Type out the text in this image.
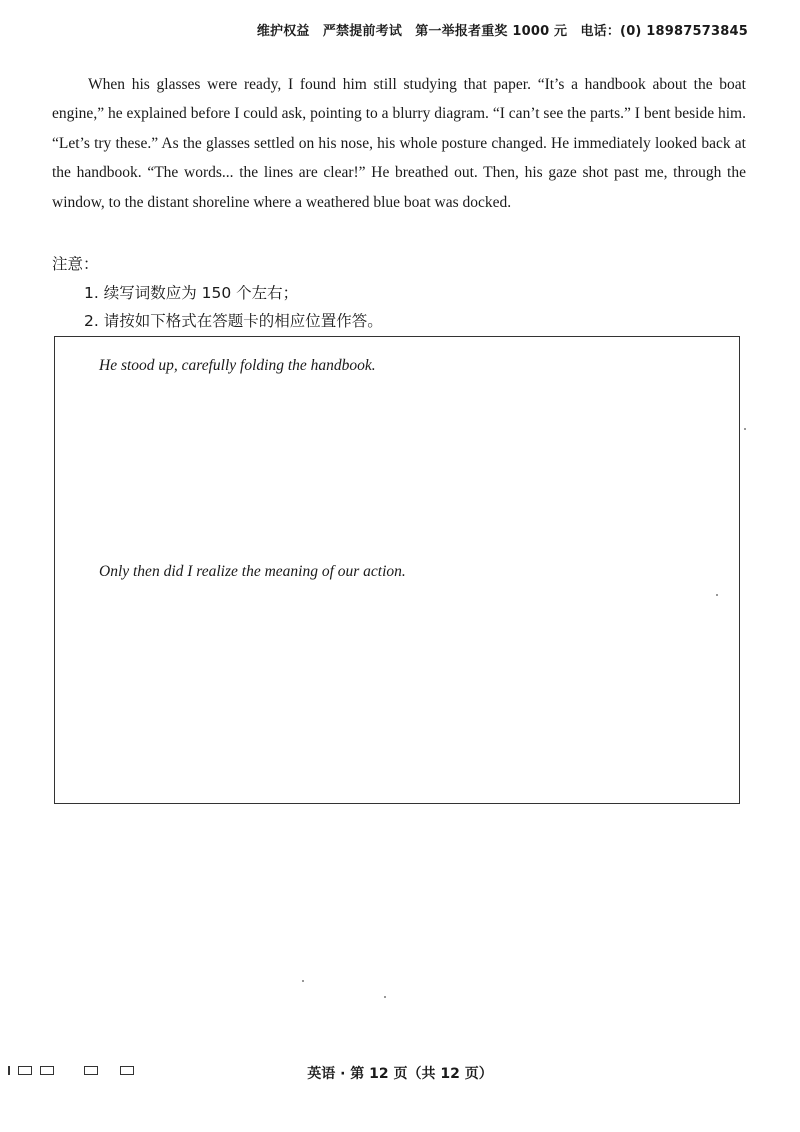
维护权益　严禁提前考试　第一举报者重奖 1000 元　电话：(0) 18987573845

When his glasses were ready, I found him still studying that paper. “It’s a handbook about the boat engine,” he explained before I could ask, pointing to a blurry diagram. “I can’t see the parts.” I bent beside him. “Let’s try these.” As the glasses settled on his nose, his whole posture changed. He immediately looked back at the handbook. “The words... the lines are clear!” He breathed out. Then, his gaze shot past me, through the window, to the distant shoreline where a weathered blue boat was docked.

注意：

1. 续写词数应为 150 个左右；
2. 请按如下格式在答题卡的相应位置作答。
He stood up, carefully folding the handbook.
Only then did I realize the meaning of our action.
英语 · 第 12 页（共 12 页）
